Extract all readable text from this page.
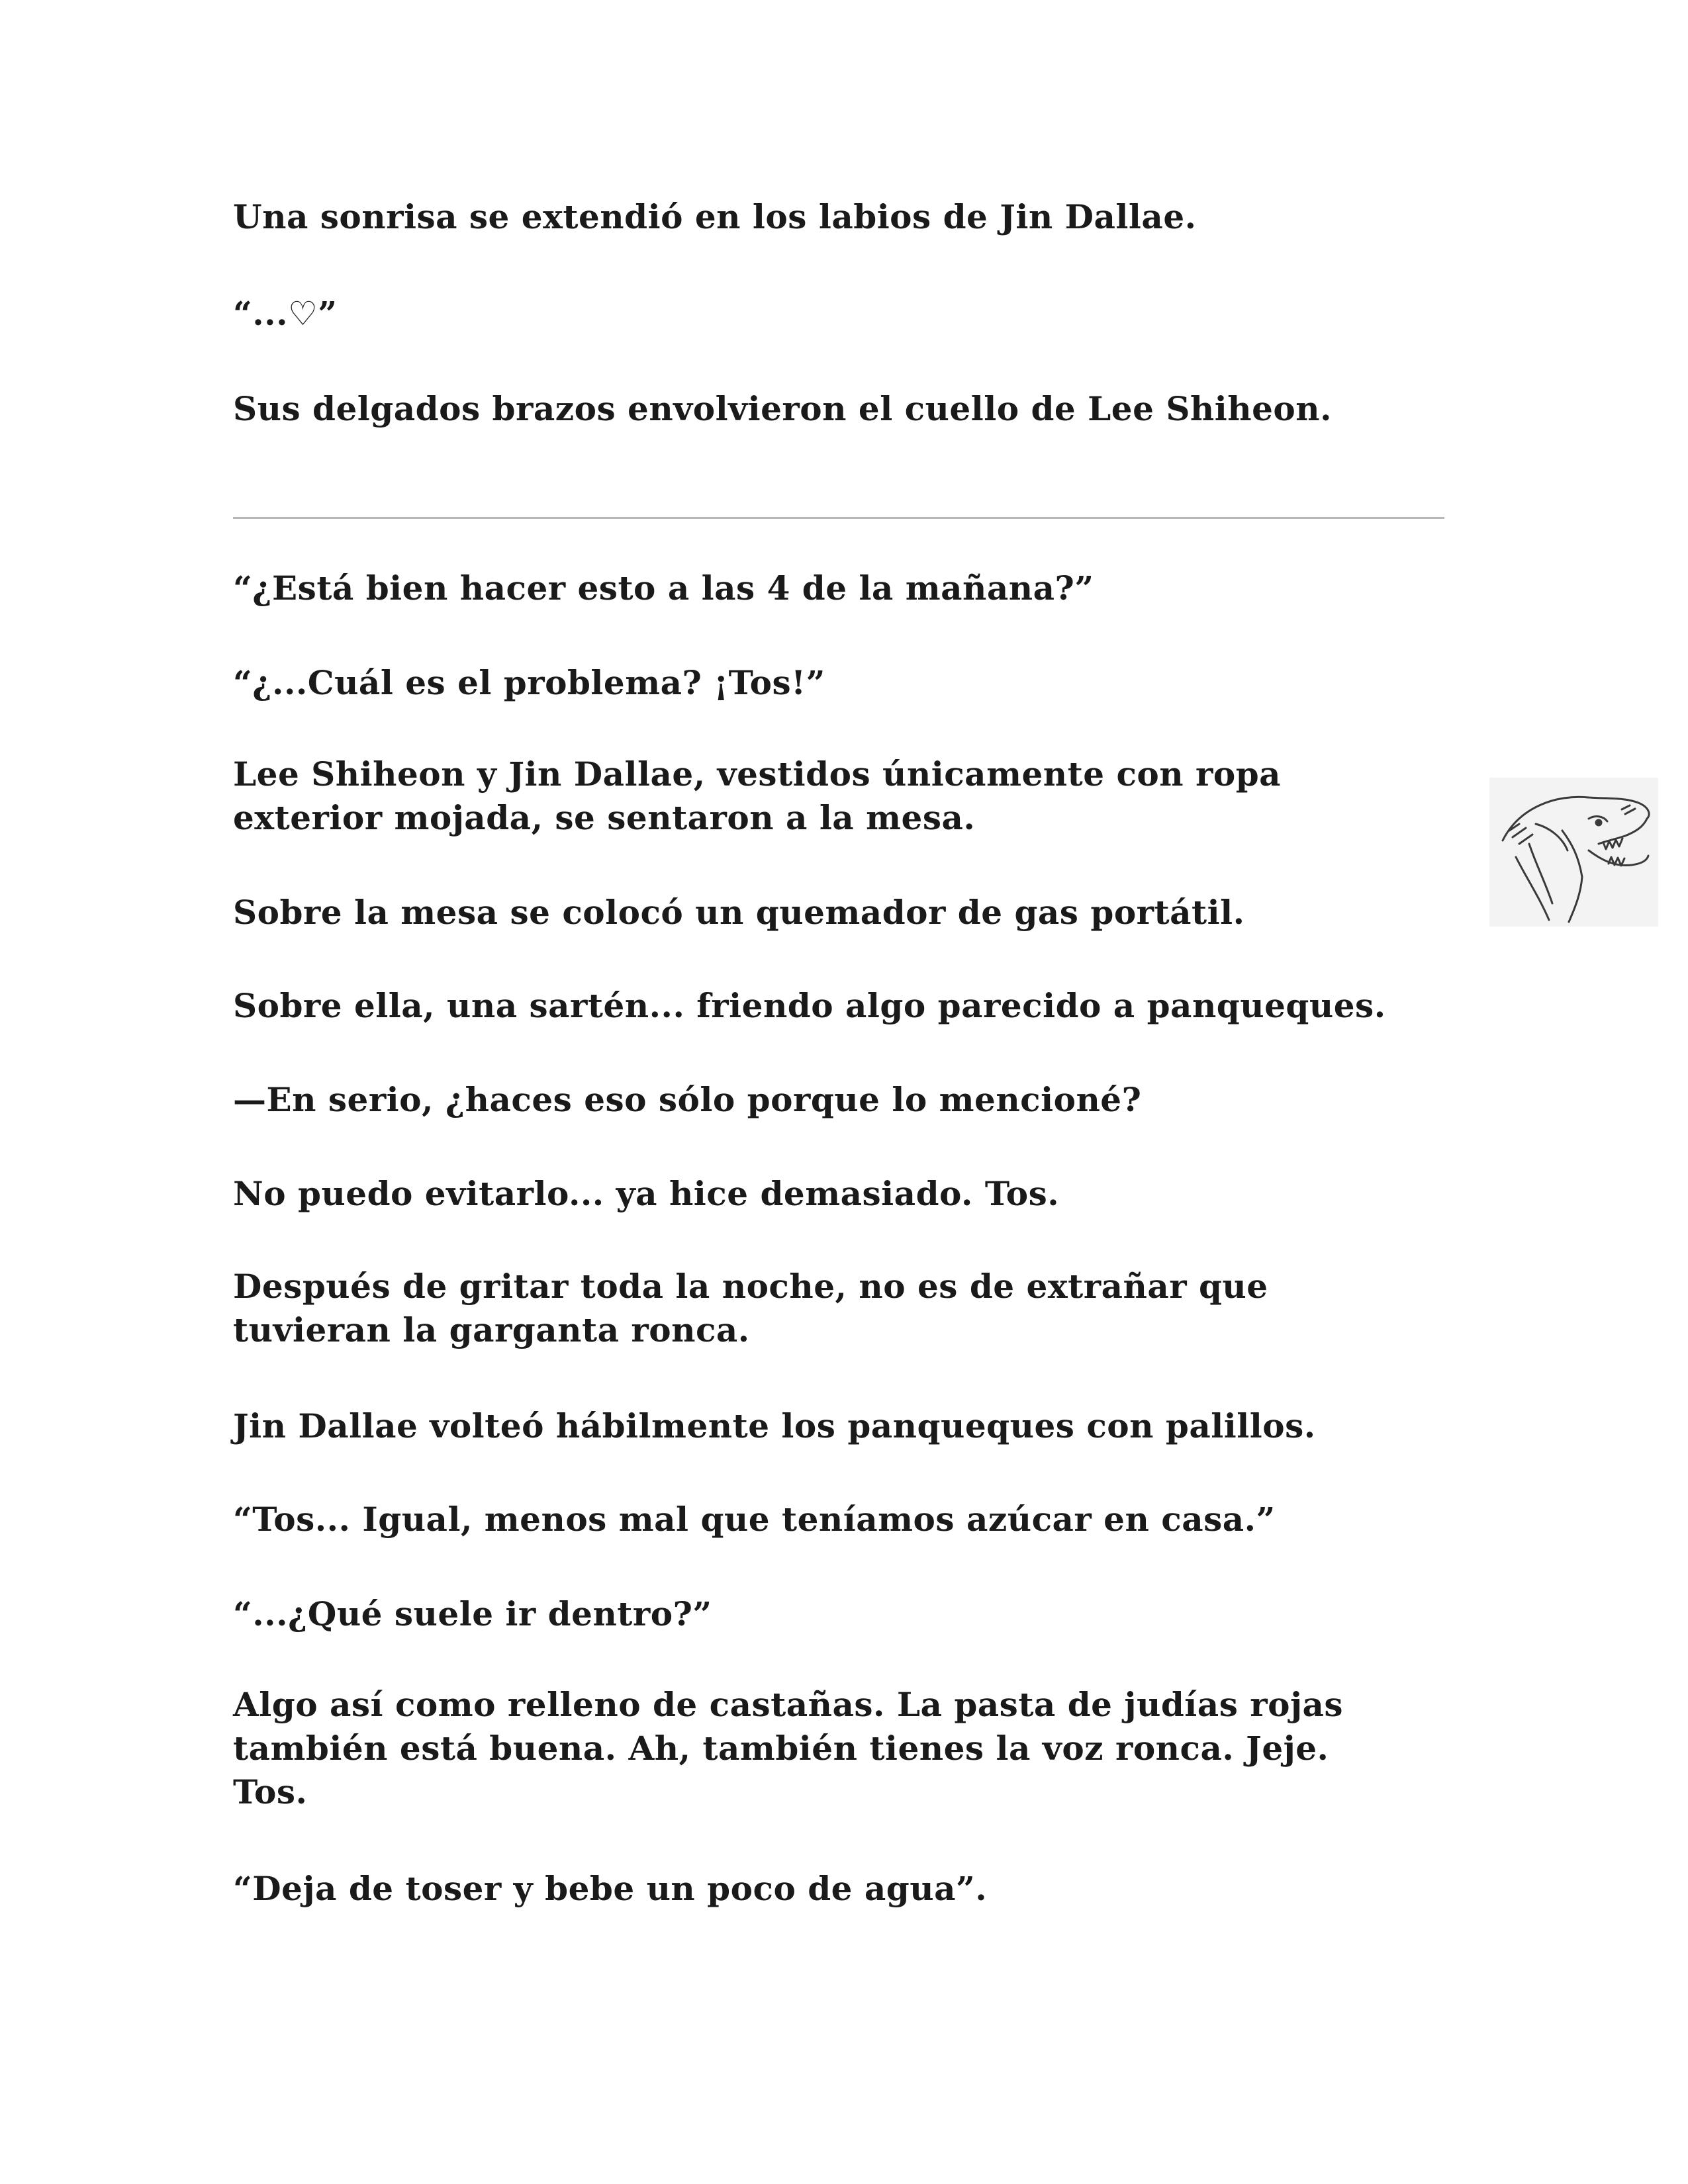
Una sonrisa se extendió en los labios de Jin Dallae.

“...♡”

Sus delgados brazos envolvieron el cuello de Lee Shiheon.

“¿Está bien hacer esto a las 4 de la mañana?”

“¿...Cuál es el problema? ¡Tos!”

Lee Shiheon y Jin Dallae, vestidos únicamente con ropa
exterior mojada, se sentaron a la mesa.

Sobre la mesa se colocó un quemador de gas portátil.

Sobre ella, una sartén... friendo algo parecido a panqueques.

—En serio, ¿haces eso sólo porque lo mencioné?

No puedo evitarlo... ya hice demasiado. Tos.

Después de gritar toda la noche, no es de extrañar que
tuvieran la garganta ronca.

Jin Dallae volteó hábilmente los panqueques con palillos.

“Tos... Igual, menos mal que teníamos azúcar en casa.”

“...¿Qué suele ir dentro?”

Algo así como relleno de castañas. La pasta de judías rojas
también está buena. Ah, también tienes la voz ronca. Jeje.
Tos.

“Deja de toser y bebe un poco de agua”.
